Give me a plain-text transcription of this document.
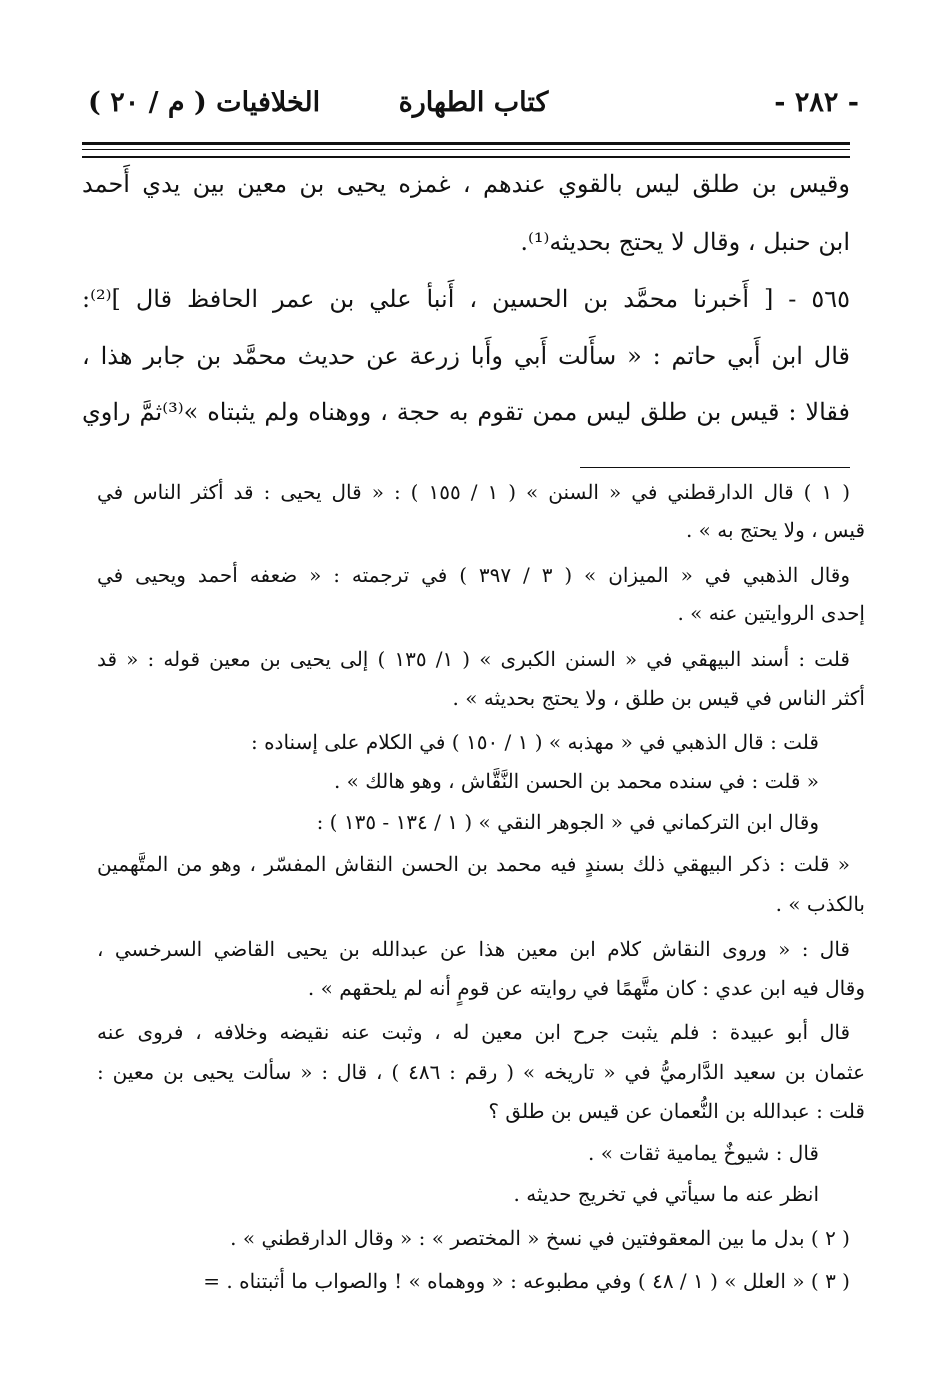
- ٢٨٢ -
كتاب الطهارة
الخلافيات ( م / ٢٠ )
وقيس بن طلق ليس بالقوي عندهم ، غمزه يحيى بن معين بين يدي أَحمد
ابن حنبل ، وقال لا يحتج بحديثه⁽¹⁾.
٥٦٥ - [ أَخبرنا محمَّد بن الحسين ، أَنبأ علي بن عمر الحافظ قال ]⁽²⁾:
قال ابن أَبي حاتم : « سأَلت أَبي وأَبا زرعة عن حديث محمَّد بن جابر هذا ،
فقالا : قيس بن طلق ليس ممن تقوم به حجة ، ووهناه ولم يثبتاه »⁽³⁾ثمَّ راوي
( ١ ) قال الدارقطني في « السنن » ( ١ / ١٥٥ ) : « قال يحيى : قد أكثر الناس في
قيس ، ولا يحتج به » .
وقال الذهبي في « الميزان » ( ٣ / ٣٩٧ ) في ترجمته : « ضعفه أحمد ويحيى في
إحدى الروايتين عنه » .
قلت : أسند البيهقي في « السنن الكبرى » ( ١/ ١٣٥ ) إلى يحيى بن معين قوله : « قد
أكثر الناس في قيس بن طلق ، ولا يحتج بحديثه » .
قلت : قال الذهبي في « مهذبه » ( ١ / ١٥٠ ) في الكلام على إسناده :
« قلت : في سنده محمد بن الحسن النَّقَّاش ، وهو هالك » .
وقال ابن التركماني في « الجوهر النقي » ( ١ / ١٣٤ - ١٣٥ ) :
« قلت : ذكر البيهقي ذلك بسندٍ فيه محمد بن الحسن النقاش المفسّر ، وهو من المتَّهمين
بالكذب » .
قال : « وروى النقاش كلام ابن معين هذا عن عبدالله بن يحيى القاضي السرخسي ،
وقال فيه ابن عدي : كان متَّهمًا في روايته عن قومٍ أنه لم يلحقهم » .
قال أبو عبيدة : فلم يثبت جرح ابن معين له ، وثبت عنه نقيضه وخلافه ، فروى عنه
عثمان بن سعيد الدَّارميُّ في « تاريخه » ( رقم : ٤٨٦ ) ، قال : « سألت يحيى بن معين :
قلت : عبدالله بن النُّعمان عن قيس بن طلق ؟
قال : شيوخٌ يمامية ثقات » .
انظر عنه ما سيأتي في تخريج حديثه .
( ٢ ) بدل ما بين المعقوفتين في نسخ « المختصر » : « وقال الدارقطني » .
( ٣ ) « العلل » ( ١ / ٤٨ ) وفي مطبوعه : « ووهماه » ! والصواب ما أثبتناه . =
